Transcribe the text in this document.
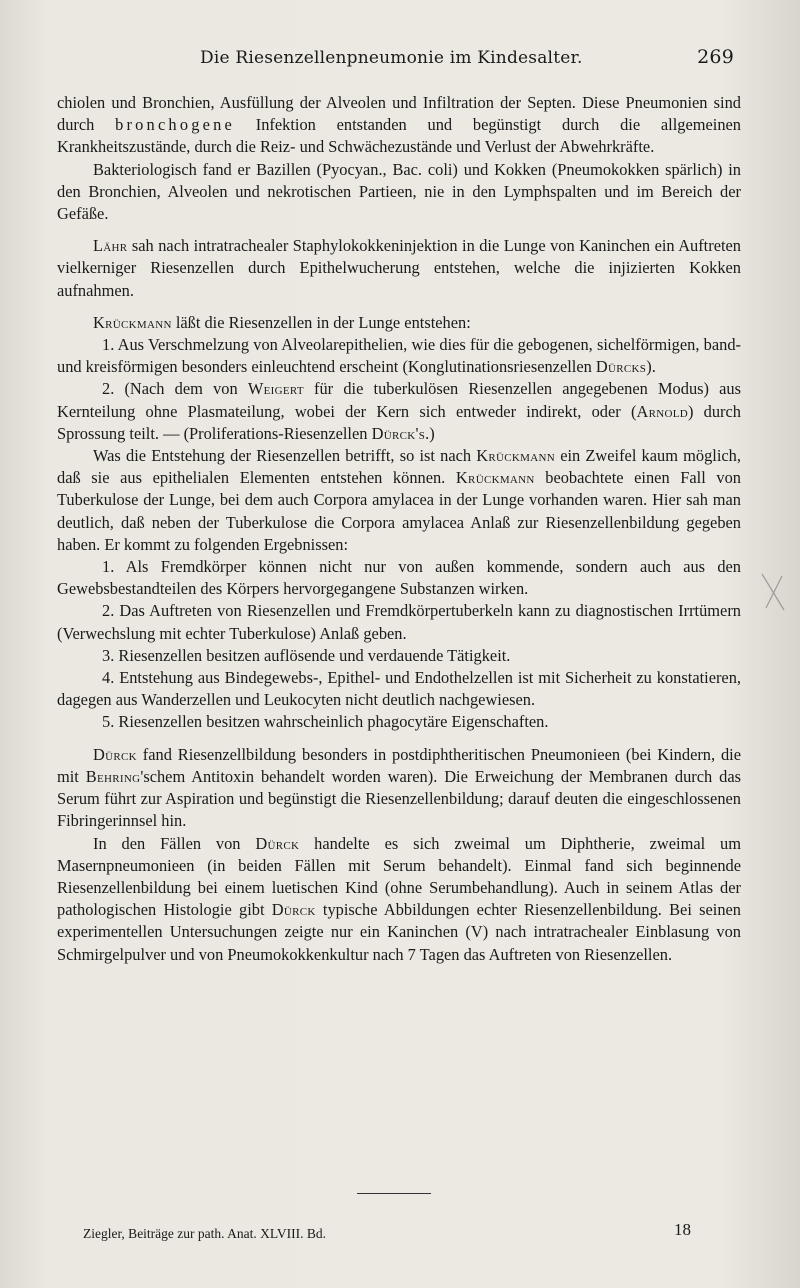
Die Riesenzellenpneumonie im Kindesalter.	269

chiolen und Bronchien, Ausfüllung der Alveolen und Infiltration der Septen. Diese Pneumonien sind durch bronchogene Infektion entstanden und begünstigt durch die allgemeinen Krankheitszustände, durch die Reiz- und Schwächezustände und Verlust der Abwehrkräfte.

Bakteriologisch fand er Bazillen (Pyocyan., Bac. coli) und Kokken (Pneumokokken spärlich) in den Bronchien, Alveolen und nekrotischen Partieen, nie in den Lymphspalten und im Bereich der Gefäße.

Lähr sah nach intratrachealer Staphylokokkeninjektion in die Lunge von Kaninchen ein Auftreten vielkerniger Riesenzellen durch Epithelwucherung entstehen, welche die injizierten Kokken aufnahmen.

Krückmann läßt die Riesenzellen in der Lunge entstehen:

1. Aus Verschmelzung von Alveolarepithelien, wie dies für die gebogenen, sichelförmigen, band- und kreisförmigen besonders einleuchtend erscheint (Konglutinationsriesenzellen Dürcks).

2. (Nach dem von Weigert für die tuberkulösen Riesenzellen angegebenen Modus) aus Kernteilung ohne Plasmateilung, wobei der Kern sich entweder indirekt, oder (Arnold) durch Sprossung teilt. — (Proliferations-Riesenzellen Dürck's.)

Was die Entstehung der Riesenzellen betrifft, so ist nach Krückmann ein Zweifel kaum möglich, daß sie aus epithelialen Elementen entstehen können. Krückmann beobachtete einen Fall von Tuberkulose der Lunge, bei dem auch Corpora amylacea in der Lunge vorhanden waren. Hier sah man deutlich, daß neben der Tuberkulose die Corpora amylacea Anlaß zur Riesenzellenbildung gegeben haben. Er kommt zu folgenden Ergebnissen:

1. Als Fremdkörper können nicht nur von außen kommende, sondern auch aus den Gewebsbestandteilen des Körpers hervorgegangene Substanzen wirken.

2. Das Auftreten von Riesenzellen und Fremdkörpertuberkeln kann zu diagnostischen Irrtümern (Verwechslung mit echter Tuberkulose) Anlaß geben.

3. Riesenzellen besitzen auflösende und verdauende Tätigkeit.

4. Entstehung aus Bindegewebs-, Epithel- und Endothelzellen ist mit Sicherheit zu konstatieren, dagegen aus Wanderzellen und Leukocyten nicht deutlich nachgewiesen.

5. Riesenzellen besitzen wahrscheinlich phagocytäre Eigenschaften.

Dürck fand Riesenzellbildung besonders in postdiphtheritischen Pneumonieen (bei Kindern, die mit Behring'schem Antitoxin behandelt worden waren). Die Erweichung der Membranen durch das Serum führt zur Aspiration und begünstigt die Riesenzellenbildung; darauf deuten die eingeschlossenen Fibringerinnsel hin.

In den Fällen von Dürck handelte es sich zweimal um Diphtherie, zweimal um Masernpneumonieen (in beiden Fällen mit Serum behandelt). Einmal fand sich beginnende Riesenzellenbildung bei einem luetischen Kind (ohne Serumbehandlung). Auch in seinem Atlas der pathologischen Histologie gibt Dürck typische Abbildungen echter Riesenzellenbildung. Bei seinen experimentellen Untersuchungen zeigte nur ein Kaninchen (V) nach intratrachealer Einblasung von Schmirgelpulver und von Pneumokokkenkultur nach 7 Tagen das Auftreten von Riesenzellen.

Ziegler, Beiträge zur path. Anat. XLVIII. Bd.	18
